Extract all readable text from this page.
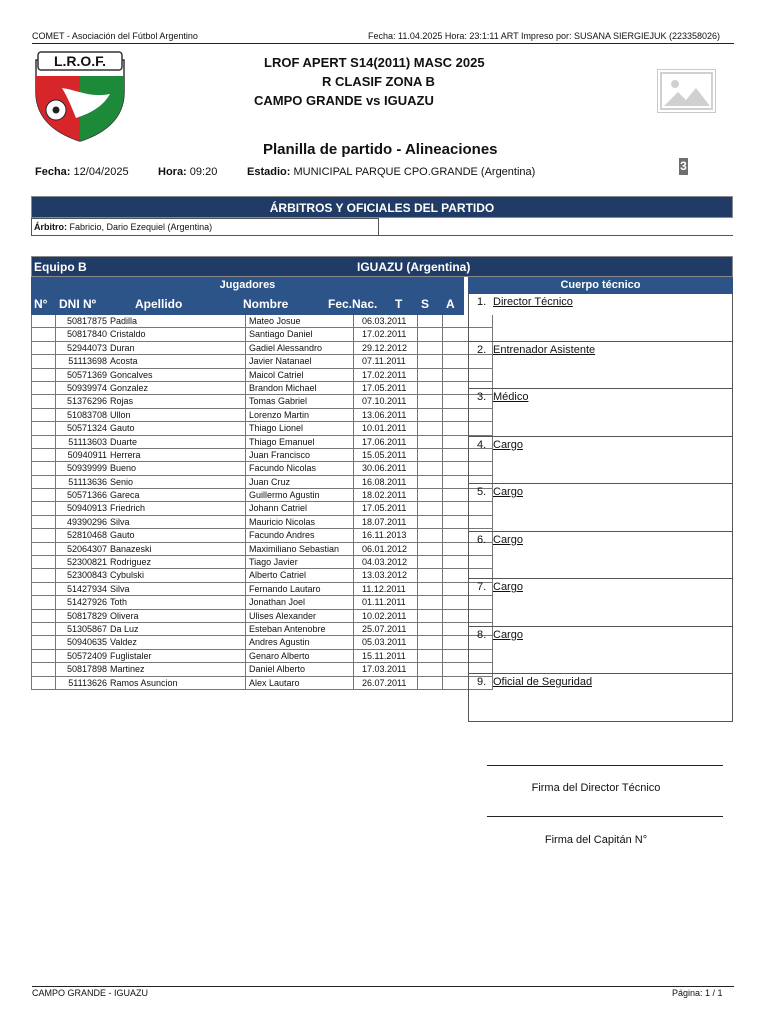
COMET - Asociación del Fútbol Argentino	Fecha: 11.04.2025 Hora: 23:1:11 ART Impreso por: SUSANA SIERGIEJUK (223358026)
L.R.O.F.	LROF APERT S14(2011) MASC 2025
R CLASIF ZONA B
CAMPO GRANDE vs IGUAZU
Planilla de partido - Alineaciones
3
Fecha: 12/04/2025	Hora: 09:20	Estadio: MUNICIPAL PARQUE CPO.GRANDE (Argentina)
ÁRBITROS Y OFICIALES DEL PARTIDO
Árbitro: Fabricio, Dario Ezequiel (Argentina)
Equipo B	IGUAZU (Argentina)
Jugadores	Cuerpo técnico
N° DNI Nº	Apellido	Nombre	Fec.Nac. T S A
50817875 Padilla	Mateo Josue	06.03.2011
50817840 Cristaldo	Santiago Daniel	17.02.2011
52944073 Duran	Gadiel Alessandro	29.12.2012
51113698 Acosta	Javier Natanael	07.11.2011
50571369 Goncalves	Maicol Catriel	17.02.2011
50939974 Gonzalez	Brandon Michael	17.05.2011
51376296 Rojas	Tomas Gabriel	07.10.2011
51083708 Ullon	Lorenzo Martin	13.06.2011
50571324 Gauto	Thiago Lionel	10.01.2011
51113603 Duarte	Thiago Emanuel	17.06.2011
50940911 Herrera	Juan Francisco	15.05.2011
50939999 Bueno	Facundo Nicolas	30.06.2011
51113636 Senio	Juan Cruz	16.08.2011
50571366 Gareca	Guillermo Agustin	18.02.2011
50940913 Friedrich	Johann Catriel	17.05.2011
49390296 Silva	Mauricio Nicolas	18.07.2011
52810468 Gauto	Facundo Andres	16.11.2013
52064307 Banazeski	Maximiliano Sebastian	06.01.2012
52300821 Rodriguez	Tiago Javier	04.03.2012
52300843 Cybulski	Alberto Catriel	13.03.2012
51427934 Silva	Fernando Lautaro	11.12.2011
51427926 Toth	Jonathan Joel	01.11.2011
50817829 Olivera	Ulises Alexander	10.02.2011
51305867 Da Luz	Esteban Antenobre	25.07.2011
50940635 Valdez	Andres Agustin	05.03.2011
50572409 Fuglistaler	Genaro Alberto	15.11.2011
50817898 Martinez	Daniel Alberto	17.03.2011
51113626 Ramos Asuncion	Alex Lautaro	26.07.2011
1. Director Técnico
2. Entrenador Asistente
3. Médico
4. Cargo
5. Cargo
6. Cargo
7. Cargo
8. Cargo
9. Oficial de Seguridad
Firma del Director Técnico
Firma del Capitán N°
CAMPO GRANDE - IGUAZU	Página: 1 / 1
